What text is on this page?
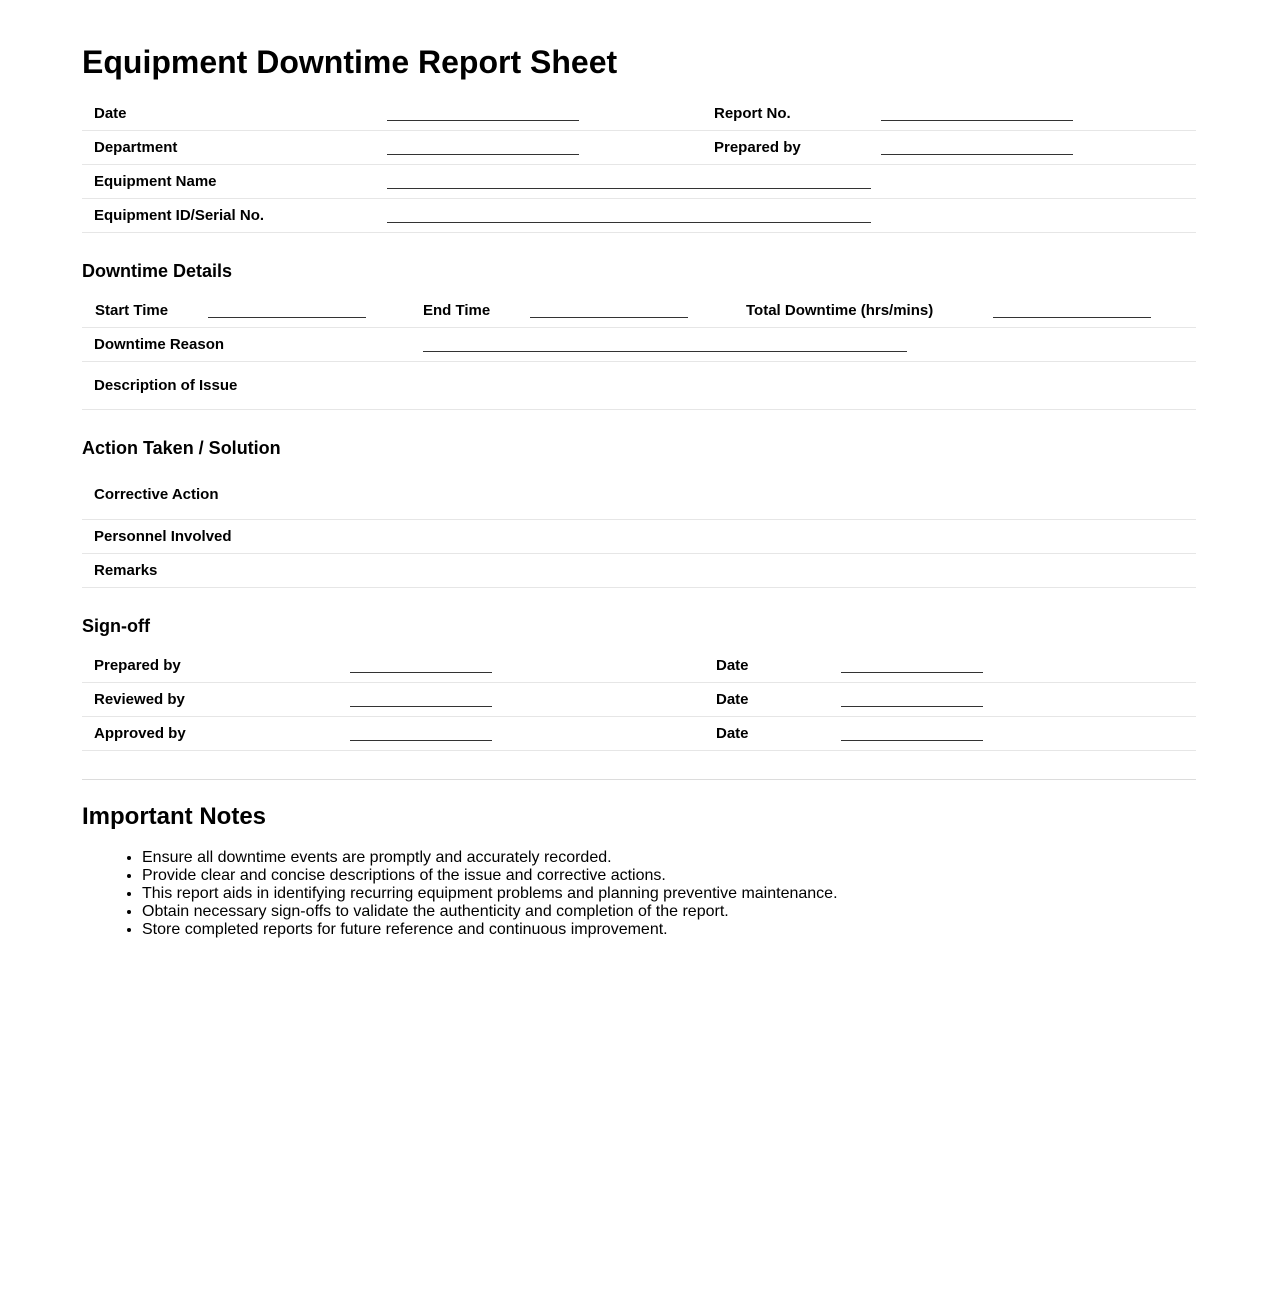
Equipment Downtime Report Sheet
Date	Report No.
Department	Prepared by
Equipment Name
Equipment ID/Serial No.
Downtime Details
Start Time	End Time	Total Downtime (hrs/mins)
Downtime Reason
Description of Issue
Action Taken / Solution
Corrective Action
Personnel Involved
Remarks
Sign-off
Prepared by	Date
Reviewed by	Date
Approved by	Date
Important Notes
• Ensure all downtime events are promptly and accurately recorded.
• Provide clear and concise descriptions of the issue and corrective actions.
• This report aids in identifying recurring equipment problems and planning preventive maintenance.
• Obtain necessary sign-offs to validate the authenticity and completion of the report.
• Store completed reports for future reference and continuous improvement.
